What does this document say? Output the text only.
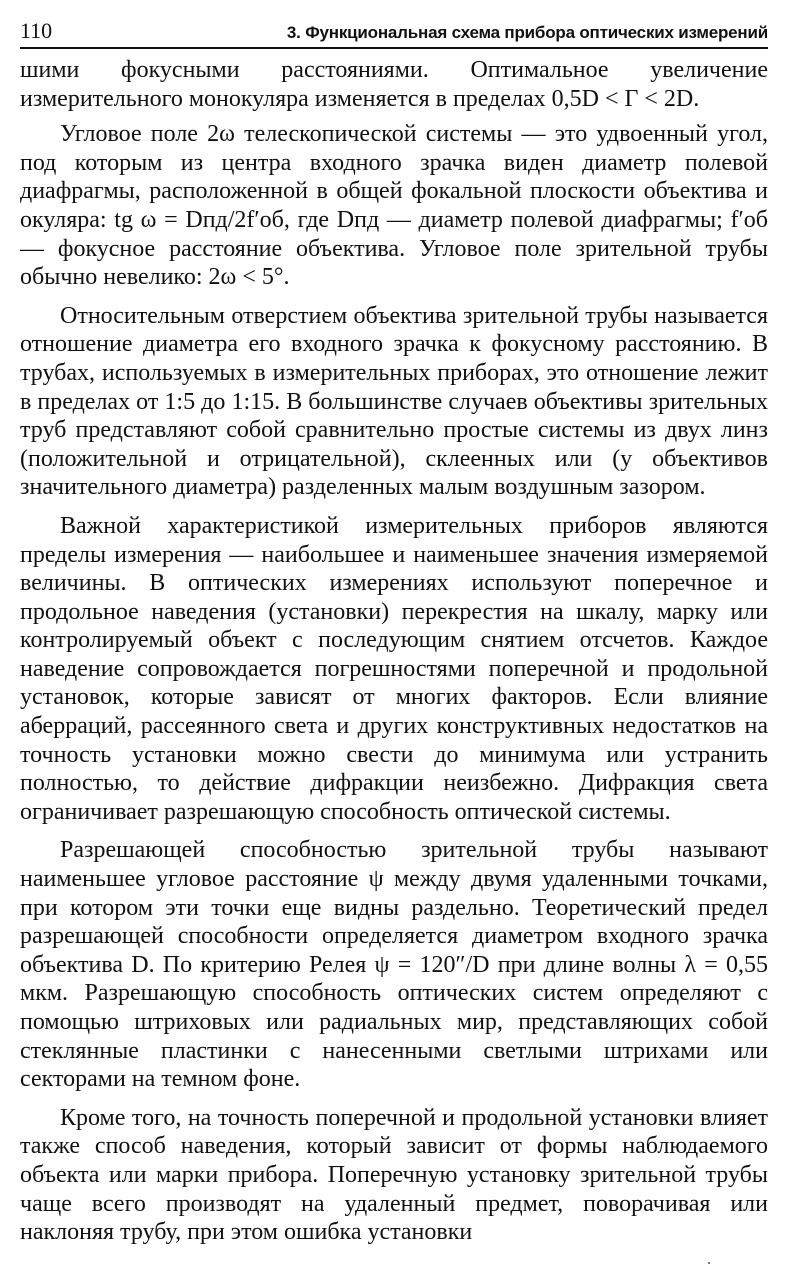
110	3. Функциональная схема прибора оптических измерений

шими фокусными расстояниями. Оптимальное увеличение измерительного монокуляра изменяется в пределах 0,5D < Г < 2D.

Угловое поле 2ω телескопической системы — это удвоенный угол, под которым из центра входного зрачка виден диаметр полевой диафрагмы, расположенной в общей фокальной плоскости объектива и окуляра: tg ω = Dпд/2f′об, где Dпд — диаметр полевой диафрагмы; f′об — фокусное расстояние объектива. Угловое поле зрительной трубы обычно невелико: 2ω < 5°.

Относительным отверстием объектива зрительной трубы называется отношение диаметра его входного зрачка к фокусному расстоянию. В трубах, используемых в измерительных приборах, это отношение лежит в пределах от 1:5 до 1:15. В большинстве случаев объективы зрительных труб представляют собой сравнительно простые системы из двух линз (положительной и отрицательной), склеенных или (у объективов значительного диаметра) разделенных малым воздушным зазором.

Важной характеристикой измерительных приборов являются пределы измерения — наибольшее и наименьшее значения измеряемой величины. В оптических измерениях используют поперечное и продольное наведения (установки) перекрестия на шкалу, марку или контролируемый объект с последующим снятием отсчетов. Каждое наведение сопровождается погрешностями поперечной и продольной установок, которые зависят от многих факторов. Если влияние аберраций, рассеянного света и других конструктивных недостатков на точность установки можно свести до минимума или устранить полностью, то действие дифракции неизбежно. Дифракция света ограничивает разрешающую способность оптической системы.

Разрешающей способностью зрительной трубы называют наименьшее угловое расстояние ψ между двумя удаленными точками, при котором эти точки еще видны раздельно. Теоретический предел разрешающей способности определяется диаметром входного зрачка объектива D. По критерию Релея ψ = 120″/D при длине волны λ = 0,55 мкм. Разрешающую способность оптических систем определяют с помощью штриховых или радиальных мир, представляющих собой стеклянные пластинки с нанесенными светлыми штрихами или секторами на темном фоне.

Кроме того, на точность поперечной и продольной установки влияет также способ наведения, который зависит от формы наблюдаемого объекта или марки прибора. Поперечную установку зрительной трубы чаще всего производят на удаленный предмет, поворачивая или наклоняя трубу, при этом ошибка установки
